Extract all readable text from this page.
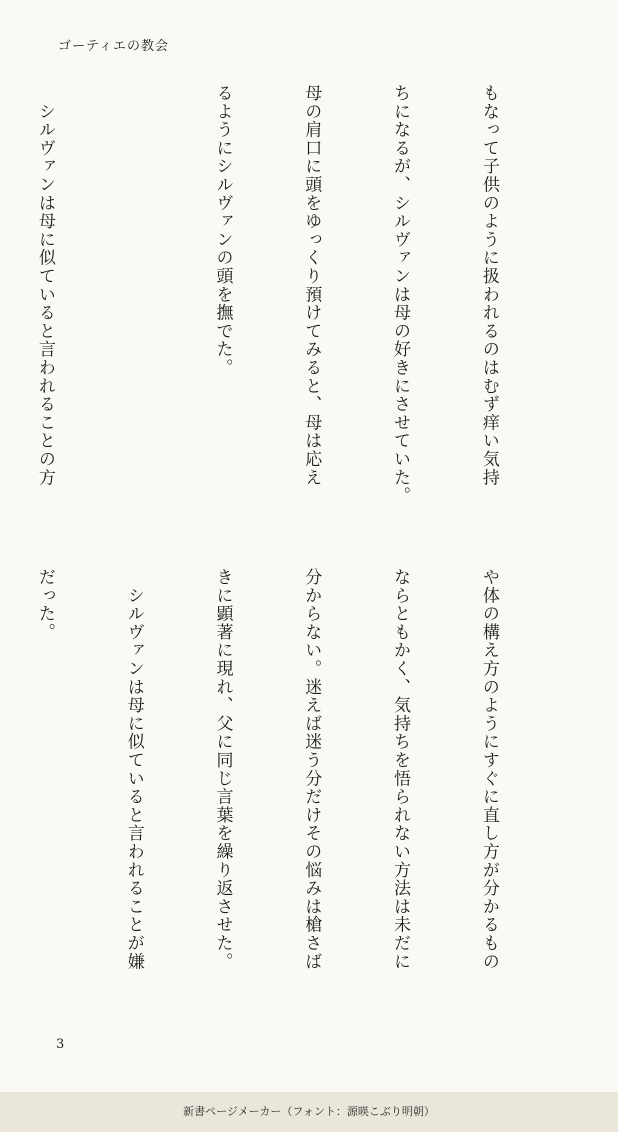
ゴーティエの教会

もなって子供のように扱われるのはむず痒い気持

ちになるが、シルヴァンは母の好きにさせていた。

母の肩口に頭をゆっくり預けてみると、母は応え

るようにシルヴァンの頭を撫でた。

　シルヴァンは母に似ていると言われることの方

や体の構え方のようにすぐに直し方が分かるもの

ならともかく、気持ちを悟られない方法は未だに

分からない。迷えば迷う分だけその悩みは槍さば

きに顕著に現れ、父に同じ言葉を繰り返させた。

　シルヴァンは母に似ていると言われることが嫌

だった。

3
新書ページメーカー（フォント：源暎こぶり明朝）
